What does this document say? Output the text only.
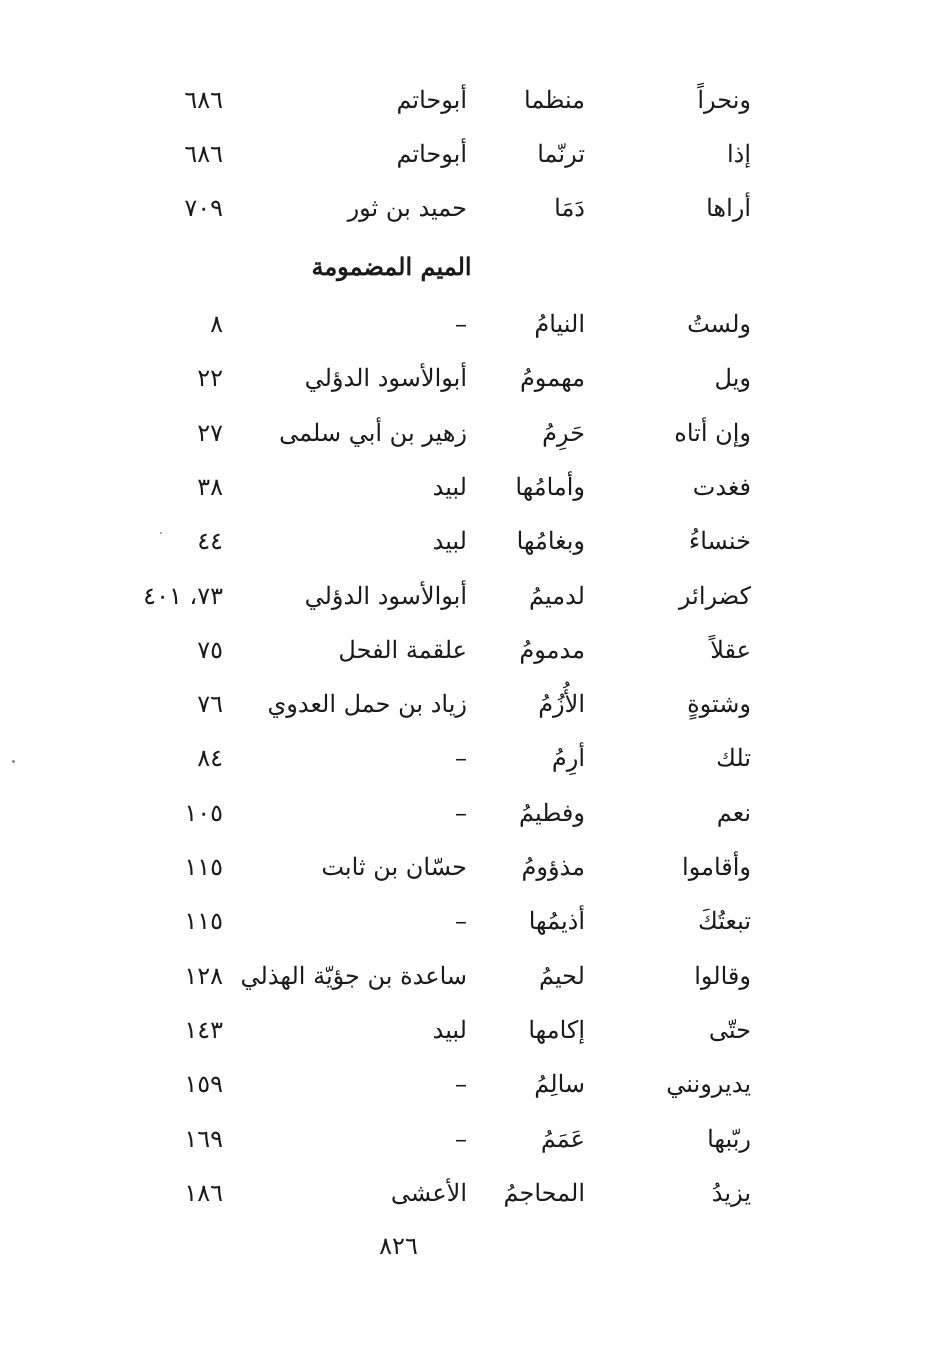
ونحراً
منظما
أبوحاتم
٦٨٦
إذا
ترنّما
أبوحاتم
٦٨٦
أراها
دَمَا
حميد بن ثور
٧٠٩
الميم المضمومة
ولستُ
النيامُ
–
٨
ويل
مهمومُ
أبوالأسود الدؤلي
٢٢
وإن أتاه
حَرِمُ
زهير بن أبي سلمى
٢٧
فغدت
وأمامُها
لبيد
٣٨
خنساءُ
وبغامُها
لبيد
٤٤
كضرائر
لدميمُ
أبوالأسود الدؤلي
٧٣، ٤٠١
عقلاً
مدمومُ
علقمة الفحل
٧٥
وشتوةٍ
الأُزُمُ
زياد بن حمل العدوي
٧٦
تلك
أرِمُ
–
٨٤
نعم
وفطيمُ
–
١٠٥
وأقاموا
مذؤومُ
حسّان بن ثابت
١١٥
تبعتُكَ
أذيمُها
–
١١٥
وقالوا
لحيمُ
ساعدة بن جؤيّة الهذلي
١٢٨
حتّى
إكامها
لبيد
١٤٣
يديرونني
سالِمُ
–
١٥٩
ربّبها
عَمَمُ
–
١٦٩
يزيدُ
المحاجمُ
الأعشى
١٨٦
٨٢٦
